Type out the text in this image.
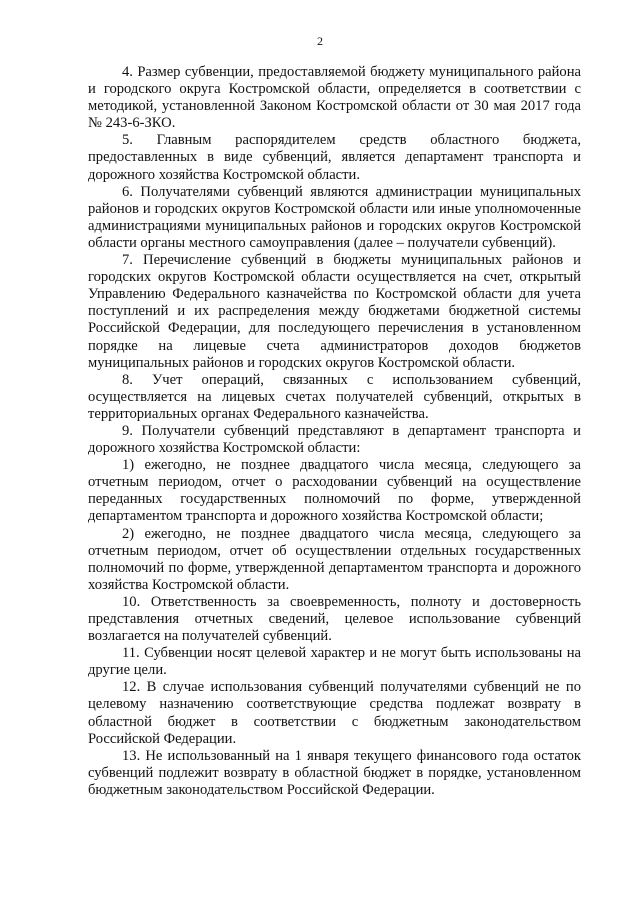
2

4. Размер субвенции, предоставляемой бюджету муниципального района и городского округа Костромской области, определяется в соответствии с методикой, установленной Законом Костромской области от 30 мая 2017 года № 243-6-ЗКО.

5. Главным распорядителем средств областного бюджета, предоставленных в виде субвенций, является департамент транспорта и дорожного хозяйства Костромской области.

6. Получателями субвенций являются администрации муниципальных районов и городских округов Костромской области или иные уполномоченные администрациями муниципальных районов и городских округов Костромской области органы местного самоуправления (далее – получатели субвенций).

7. Перечисление субвенций в бюджеты муниципальных районов и городских округов Костромской области осуществляется на счет, открытый Управлению Федерального казначейства по Костромской области для учета поступлений и их распределения между бюджетами бюджетной системы Российской Федерации, для последующего перечисления в установленном порядке на лицевые счета администраторов доходов бюджетов муниципальных районов и городских округов Костромской области.

8. Учет операций, связанных с использованием субвенций, осуществляется на лицевых счетах получателей субвенций, открытых в территориальных органах Федерального казначейства.

9. Получатели субвенций представляют в департамент транспорта и дорожного хозяйства Костромской области:

1) ежегодно, не позднее двадцатого числа месяца, следующего за отчетным периодом, отчет о расходовании субвенций на осуществление переданных государственных полномочий по форме, утвержденной департаментом транспорта и дорожного хозяйства Костромской области;

2) ежегодно, не позднее двадцатого числа месяца, следующего за отчетным периодом, отчет об осуществлении отдельных государственных полномочий по форме, утвержденной департаментом транспорта и дорожного хозяйства Костромской области.

10. Ответственность за своевременность, полноту и достоверность представления отчетных сведений, целевое использование субвенций возлагается на получателей субвенций.

11. Субвенции носят целевой характер и не могут быть использованы на другие цели.

12. В случае использования субвенций получателями субвенций не по целевому назначению соответствующие средства подлежат возврату в областной бюджет в соответствии с бюджетным законодательством Российской Федерации.

13. Не использованный на 1 января текущего финансового года остаток субвенций подлежит возврату в областной бюджет в порядке, установленном бюджетным законодательством Российской Федерации.
